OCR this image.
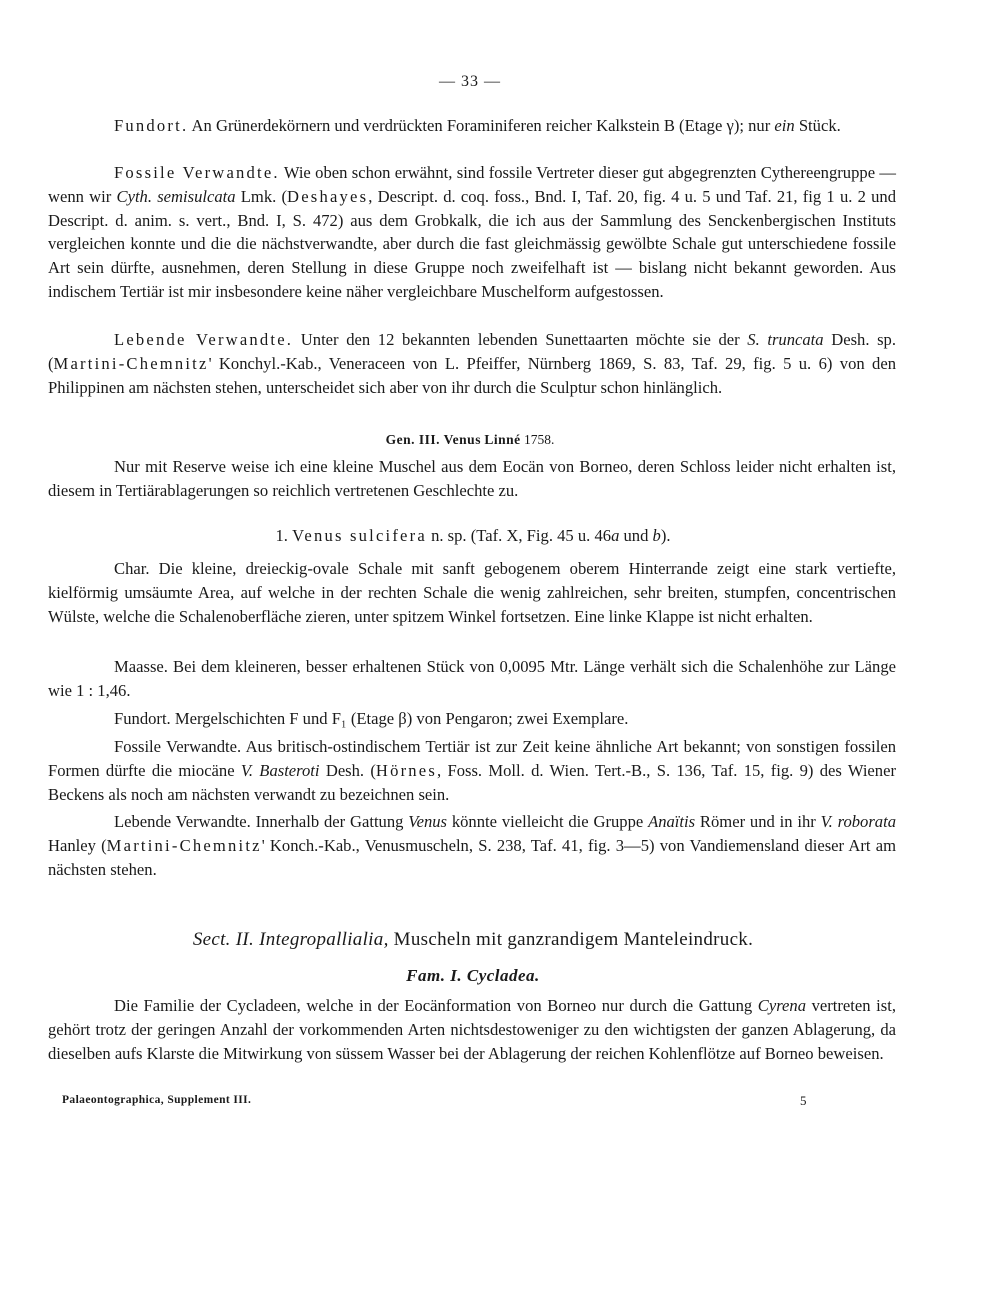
— 33 —

Fundort. An Grünerdekörnern und verdrückten Foraminiferen reicher Kalkstein B (Etage γ); nur ein Stück.

Fossile Verwandte. Wie oben schon erwähnt, sind fossile Vertreter dieser gut abgegrenzten Cythereengruppe — wenn wir Cyth. semisulcata Lmk. (Deshayes, Descript. d. coq. foss., Bnd. I, Taf. 20, fig. 4 u. 5 und Taf. 21, fig 1 u. 2 und Descript. d. anim. s. vert., Bnd. I, S. 472) aus dem Grobkalk, die ich aus der Sammlung des Senckenbergischen Instituts vergleichen konnte und die die nächstverwandte, aber durch die fast gleichmässig gewölbte Schale gut unterschiedene fossile Art sein dürfte, ausnehmen, deren Stellung in diese Gruppe noch zweifelhaft ist — bislang nicht bekannt geworden. Aus indischem Tertiär ist mir insbesondere keine näher vergleichbare Muschelform aufgestossen.

Lebende Verwandte. Unter den 12 bekannten lebenden Sunettaarten möchte sie der S. truncata Desh. sp. (Martini-Chemnitz' Konchyl.-Kab., Veneraceen von L. Pfeiffer, Nürnberg 1869, S. 83, Taf. 29, fig. 5 u. 6) von den Philippinen am nächsten stehen, unterscheidet sich aber von ihr durch die Sculptur schon hinlänglich.

Gen. III. Venus Linné 1758.

Nur mit Reserve weise ich eine kleine Muschel aus dem Eocän von Borneo, deren Schloss leider nicht erhalten ist, diesem in Tertiärablagerungen so reichlich vertretenen Geschlechte zu.

1. Venus sulcifera n. sp. (Taf. X, Fig. 45 u. 46a und b).

Char. Die kleine, dreieckig-ovale Schale mit sanft gebogenem oberem Hinterrande zeigt eine stark vertiefte, kielförmig umsäumte Area, auf welche in der rechten Schale die wenig zahlreichen, sehr breiten, stumpfen, concentrischen Wülste, welche die Schalenoberfläche zieren, unter spitzem Winkel fortsetzen. Eine linke Klappe ist nicht erhalten.

Maasse. Bei dem kleineren, besser erhaltenen Stück von 0,0095 Mtr. Länge verhält sich die Schalenhöhe zur Länge wie 1 : 1,46.

Fundort. Mergelschichten F und F₁ (Etage β) von Pengaron; zwei Exemplare.

Fossile Verwandte. Aus britisch-ostindischem Tertiär ist zur Zeit keine ähnliche Art bekannt; von sonstigen fossilen Formen dürfte die miocäne V. Basteroti Desh. (Hörnes, Foss. Moll. d. Wien. Tert.-B., S. 136, Taf. 15, fig. 9) des Wiener Beckens als noch am nächsten verwandt zu bezeichnen sein.

Lebende Verwandte. Innerhalb der Gattung Venus könnte vielleicht die Gruppe Anaïtis Römer und in ihr V. roborata Hanley (Martini-Chemnitz' Konch.-Kab., Venusmuscheln, S. 238, Taf. 41, fig. 3—5) von Vandiemensland dieser Art am nächsten stehen.

Sect. II. Integropallialia, Muscheln mit ganzrandigem Manteleindruck.
Fam. I. Cycladea.

Die Familie der Cycladeen, welche in der Eocänformation von Borneo nur durch die Gattung Cyrena vertreten ist, gehört trotz der geringen Anzahl der vorkommenden Arten nichtsdestoweniger zu den wichtigsten der ganzen Ablagerung, da dieselben aufs Klarste die Mitwirkung von süssem Wasser bei der Ablagerung der reichen Kohlenflötze auf Borneo beweisen.

Palaeontographica, Supplement III.	5
